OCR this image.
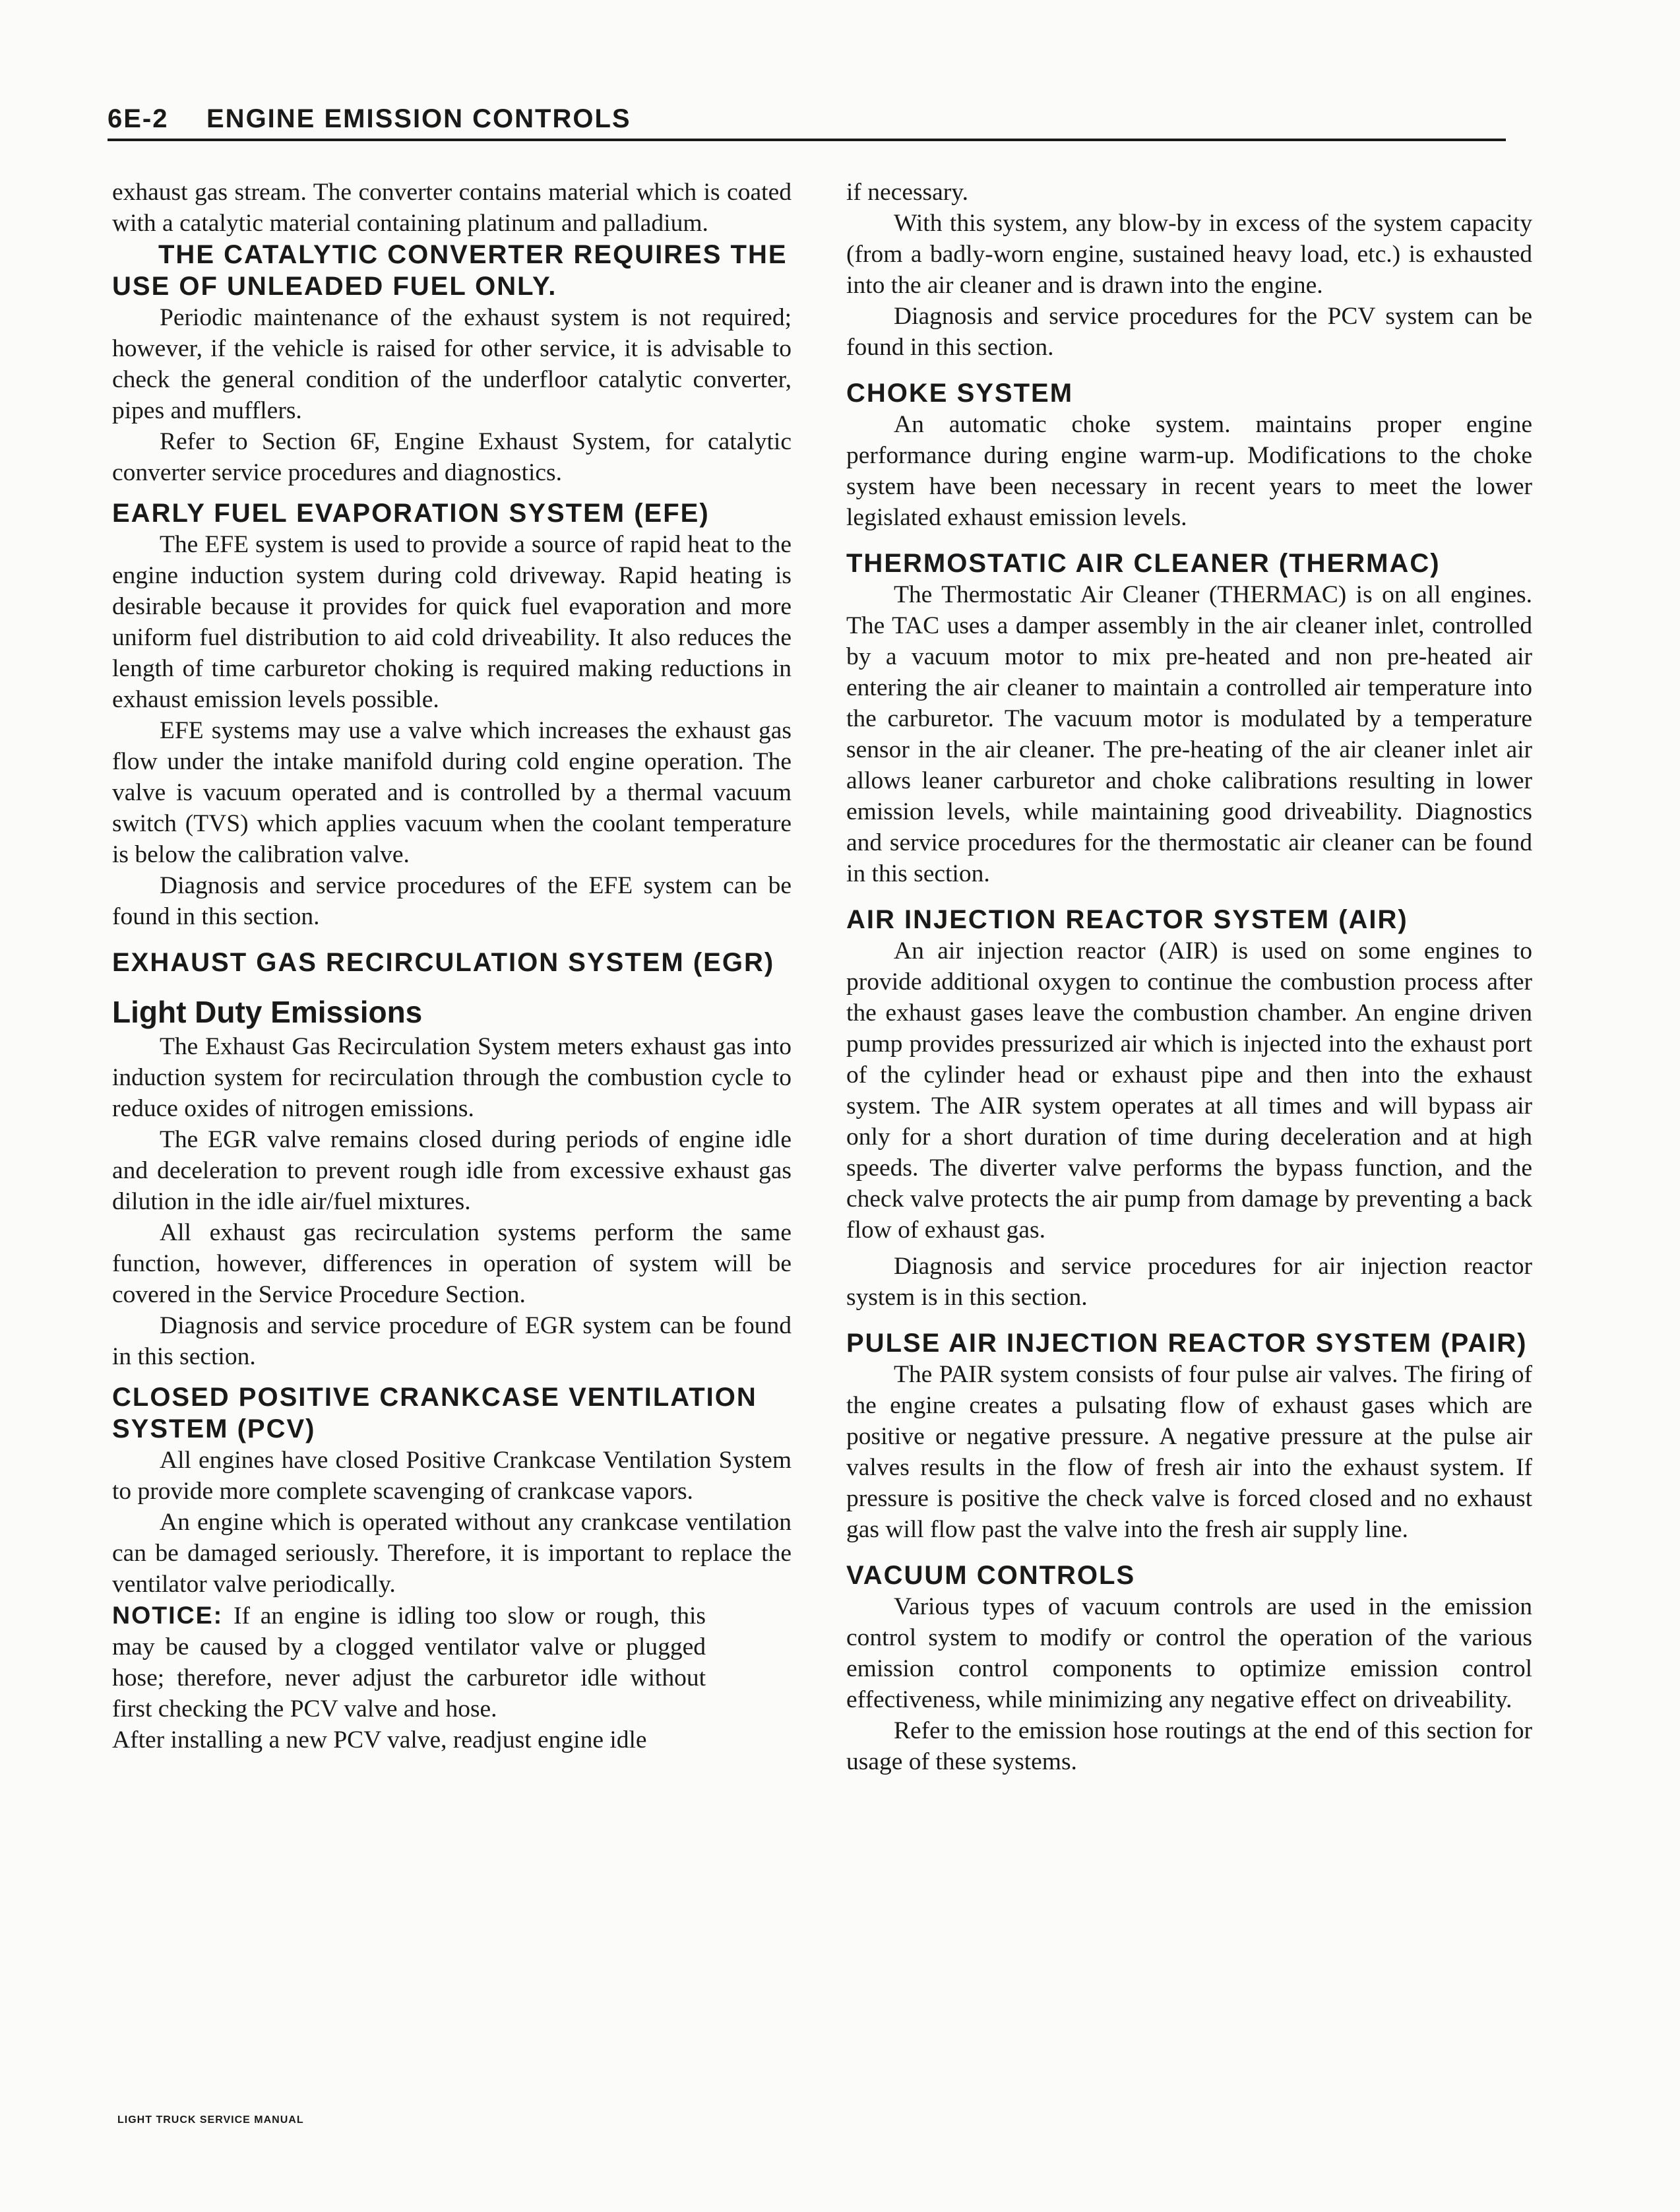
6E-2 ENGINE EMISSION CONTROLS

exhaust gas stream. The converter contains material which is coated with a catalytic material containing platinum and palladium.

THE CATALYTIC CONVERTER REQUIRES THE USE OF UNLEADED FUEL ONLY.

Periodic maintenance of the exhaust system is not required; however, if the vehicle is raised for other service, it is advisable to check the general condition of the underfloor catalytic converter, pipes and mufflers.

Refer to Section 6F, Engine Exhaust System, for catalytic converter service procedures and diagnostics.

EARLY FUEL EVAPORATION SYSTEM (EFE)

The EFE system is used to provide a source of rapid heat to the engine induction system during cold driveway. Rapid heating is desirable because it provides for quick fuel evaporation and more uniform fuel distribution to aid cold driveability. It also reduces the length of time carburetor choking is required making reductions in exhaust emission levels possible.

EFE systems may use a valve which increases the exhaust gas flow under the intake manifold during cold engine operation. The valve is vacuum operated and is controlled by a thermal vacuum switch (TVS) which applies vacuum when the coolant temperature is below the calibration valve.

Diagnosis and service procedures of the EFE system can be found in this section.

EXHAUST GAS RECIRCULATION SYSTEM (EGR)
Light Duty Emissions

The Exhaust Gas Recirculation System meters exhaust gas into induction system for recirculation through the combustion cycle to reduce oxides of nitrogen emissions.

The EGR valve remains closed during periods of engine idle and deceleration to prevent rough idle from excessive exhaust gas dilution in the idle air/fuel mixtures.

All exhaust gas recirculation systems perform the same function, however, differences in operation of system will be covered in the Service Procedure Section.

Diagnosis and service procedure of EGR system can be found in this section.

CLOSED POSITIVE CRANKCASE VENTILATION SYSTEM (PCV)

All engines have closed Positive Crankcase Ventilation System to provide more complete scavenging of crankcase vapors.

An engine which is operated without any crankcase ventilation can be damaged seriously. Therefore, it is important to replace the ventilator valve periodically.

NOTICE: If an engine is idling too slow or rough, this may be caused by a clogged ventilator valve or plugged hose; therefore, never adjust the carburetor idle without first checking the PCV valve and hose.

After installing a new PCV valve, readjust engine idle

if necessary.

With this system, any blow-by in excess of the system capacity (from a badly-worn engine, sustained heavy load, etc.) is exhausted into the air cleaner and is drawn into the engine.

Diagnosis and service procedures for the PCV system can be found in this section.

CHOKE SYSTEM

An automatic choke system. maintains proper engine performance during engine warm-up. Modifications to the choke system have been necessary in recent years to meet the lower legislated exhaust emission levels.

THERMOSTATIC AIR CLEANER (THERMAC)

The Thermostatic Air Cleaner (THERMAC) is on all engines. The TAC uses a damper assembly in the air cleaner inlet, controlled by a vacuum motor to mix pre-heated and non pre-heated air entering the air cleaner to maintain a controlled air temperature into the carburetor. The vacuum motor is modulated by a temperature sensor in the air cleaner. The pre-heating of the air cleaner inlet air allows leaner carburetor and choke calibrations resulting in lower emission levels, while maintaining good driveability. Diagnostics and service procedures for the thermostatic air cleaner can be found in this section.

AIR INJECTION REACTOR SYSTEM (AIR)

An air injection reactor (AIR) is used on some engines to provide additional oxygen to continue the combustion process after the exhaust gases leave the combustion chamber. An engine driven pump provides pressurized air which is injected into the exhaust port of the cylinder head or exhaust pipe and then into the exhaust system. The AIR system operates at all times and will bypass air only for a short duration of time during deceleration and at high speeds. The diverter valve performs the bypass function, and the check valve protects the air pump from damage by preventing a back flow of exhaust gas.

Diagnosis and service procedures for air injection reactor system is in this section.

PULSE AIR INJECTION REACTOR SYSTEM (PAIR)

The PAIR system consists of four pulse air valves. The firing of the engine creates a pulsating flow of exhaust gases which are positive or negative pressure. A negative pressure at the pulse air valves results in the flow of fresh air into the exhaust system. If pressure is positive the check valve is forced closed and no exhaust gas will flow past the valve into the fresh air supply line.

VACUUM CONTROLS

Various types of vacuum controls are used in the emission control system to modify or control the operation of the various emission control components to optimize emission control effectiveness, while minimizing any negative effect on driveability.

Refer to the emission hose routings at the end of this section for usage of these systems.

LIGHT TRUCK SERVICE MANUAL
